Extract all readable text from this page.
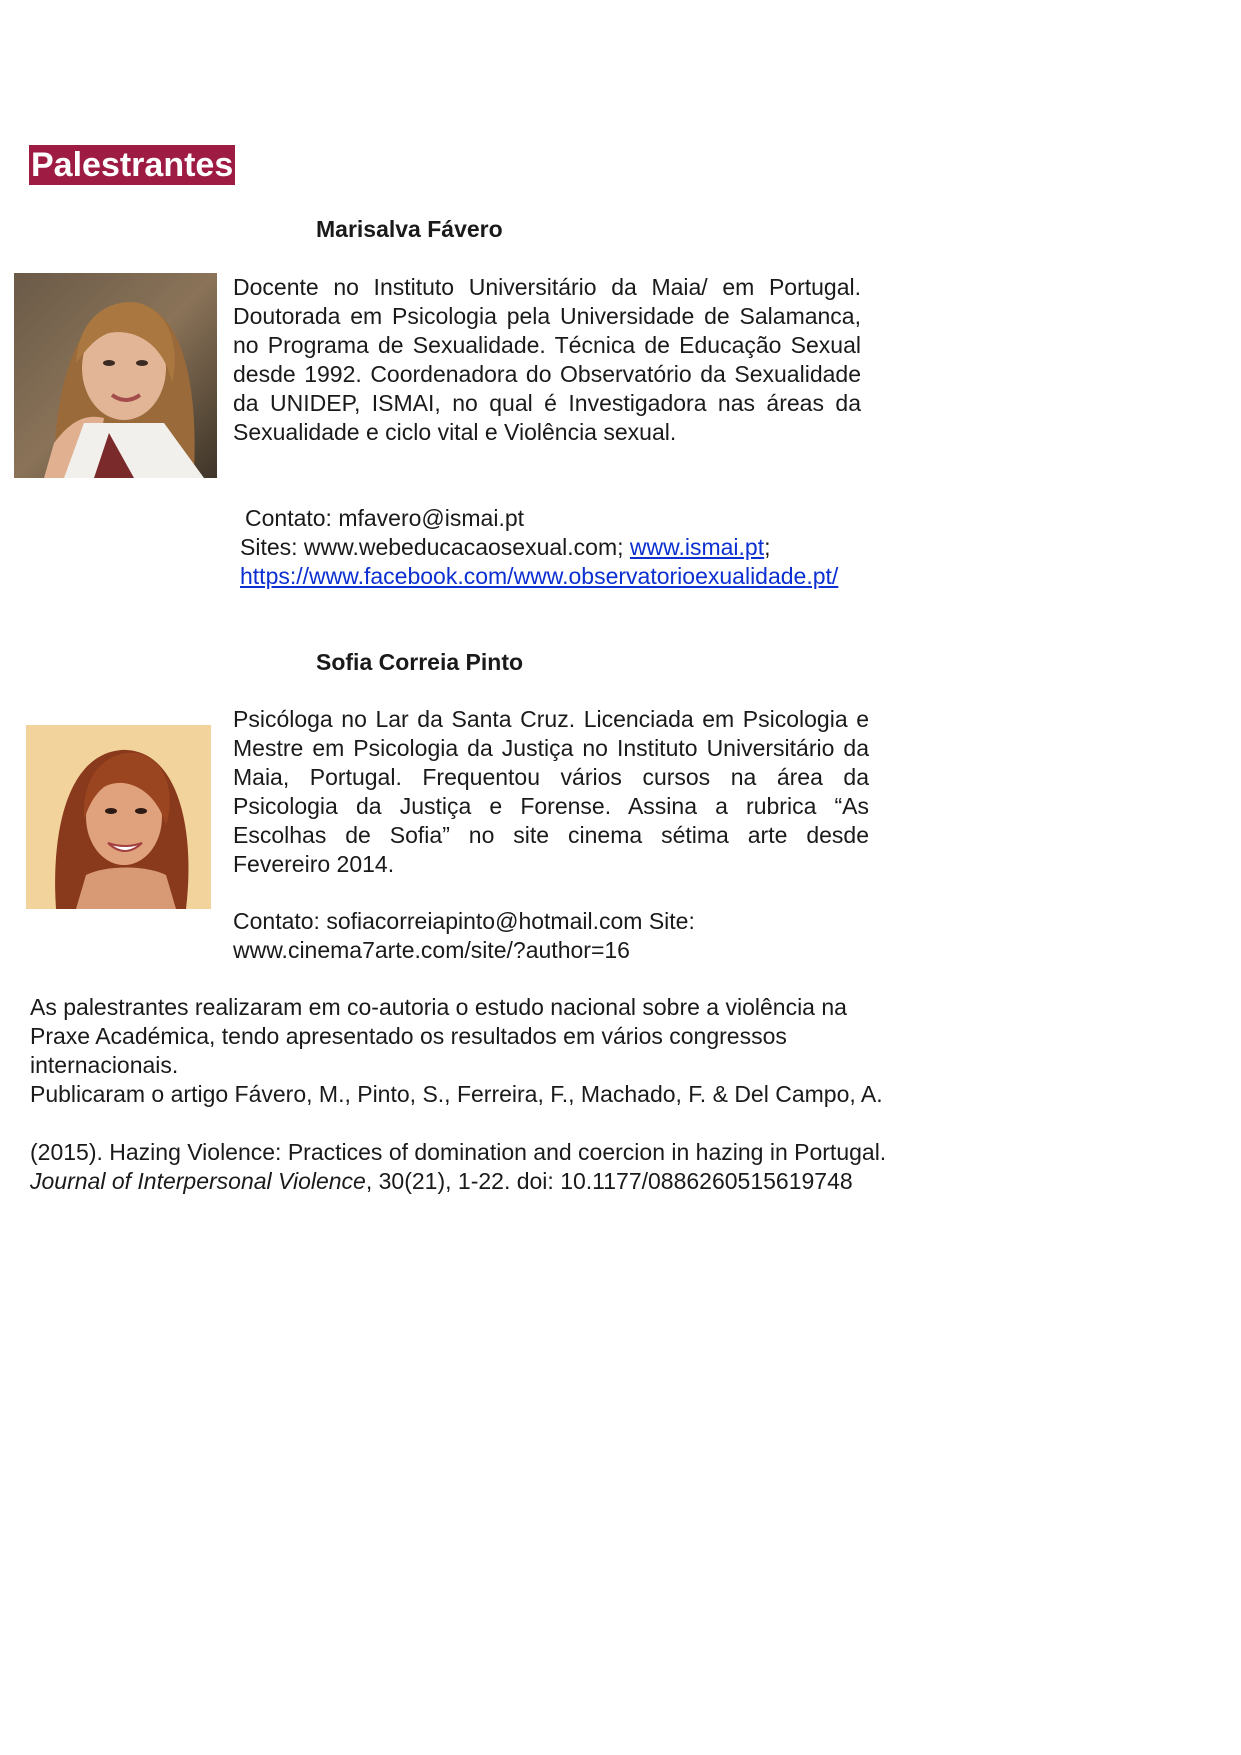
Palestrantes
Marisalva Fávero

Docente no Instituto Universitário da Maia/ em Portugal. Doutorada em Psicologia pela Universidade de Salamanca, no Programa de Sexualidade. Técnica de Educação Sexual desde 1992. Coordenadora do Observatório da Sexualidade da UNIDEP, ISMAI, no qual é Investigadora nas áreas da Sexualidade e ciclo vital e Violência sexual.

Contato: mfavero@ismai.pt

Sites: www.webeducacaosexual.com; www.ismai.pt;

https://www.facebook.com/www.observatorioexualidade.pt/

Sofia Correia Pinto

Psicóloga no Lar da Santa Cruz. Licenciada em Psicologia e Mestre em Psicologia da Justiça no Instituto Universitário da Maia, Portugal. Frequentou vários cursos na área da Psicologia da Justiça e Forense. Assina a rubrica “As Escolhas de Sofia” no site cinema sétima arte desde Fevereiro 2014.

Contato: sofiacorreiapinto@hotmail.com Site:

www.cinema7arte.com/site/?author=16

As palestrantes realizaram em co-autoria o estudo nacional sobre a violência na Praxe Académica, tendo apresentado os resultados em vários congressos internacionais.

Publicaram o artigo Fávero, M., Pinto, S., Ferreira, F., Machado, F. & Del Campo, A.

(2015). Hazing Violence: Practices of domination and coercion in hazing in Portugal. Journal of Interpersonal Violence, 30(21), 1-22. doi: 10.1177/0886260515619748
